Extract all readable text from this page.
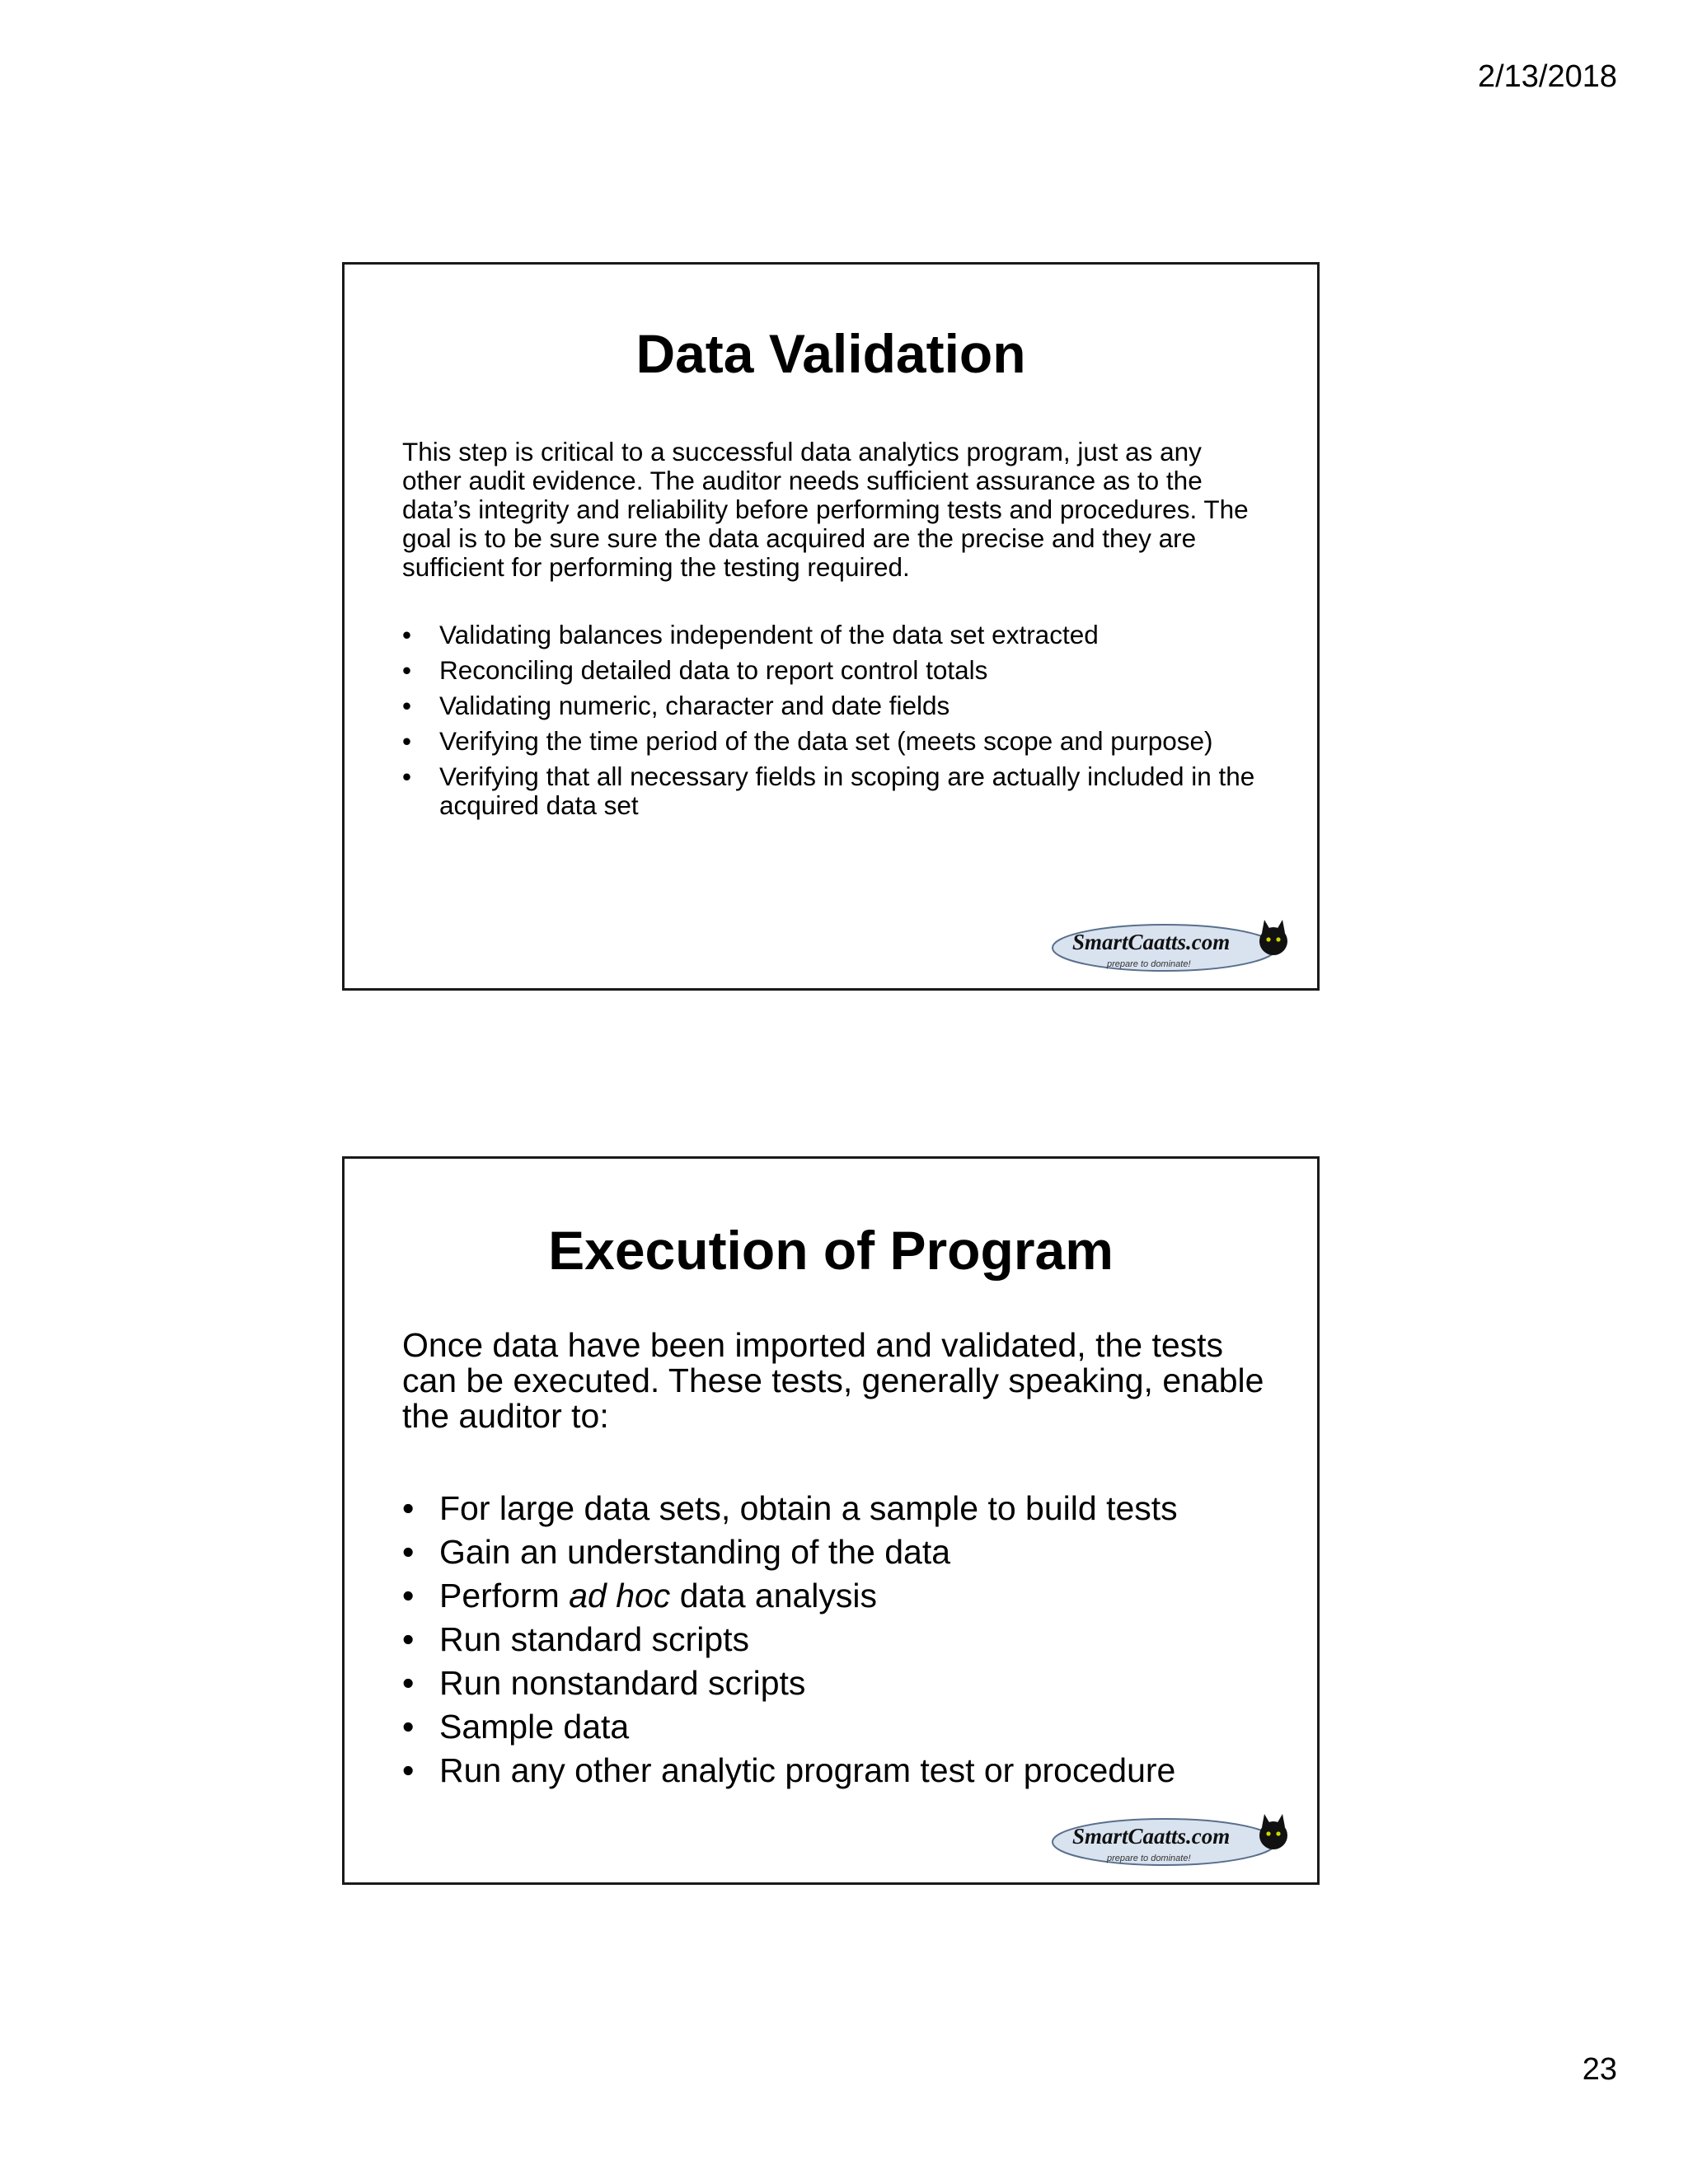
2/13/2018
Data Validation

This step is critical to a successful data analytics program, just as any other audit evidence. The auditor needs sufficient assurance as to the data’s integrity and reliability before performing tests and procedures. The goal is to be sure sure the data acquired are the precise and they are sufficient for performing the testing required.

• Validating balances independent of the data set extracted
• Reconciling detailed data to report control totals
• Validating numeric, character and date fields
• Verifying the time period of the data set (meets scope and purpose)
• Verifying that all necessary fields in scoping are actually included in the acquired data set
SmartCaatts.com
prepare to dominate!
Execution of Program

Once data have been imported and validated, the tests can be executed. These tests, generally speaking, enable the auditor to:

• For large data sets, obtain a sample to build tests
• Gain an understanding of the data
• Perform ad hoc data analysis
• Run standard scripts
• Run nonstandard scripts
• Sample data
• Run any other analytic program test or procedure
SmartCaatts.com
prepare to dominate!
23
